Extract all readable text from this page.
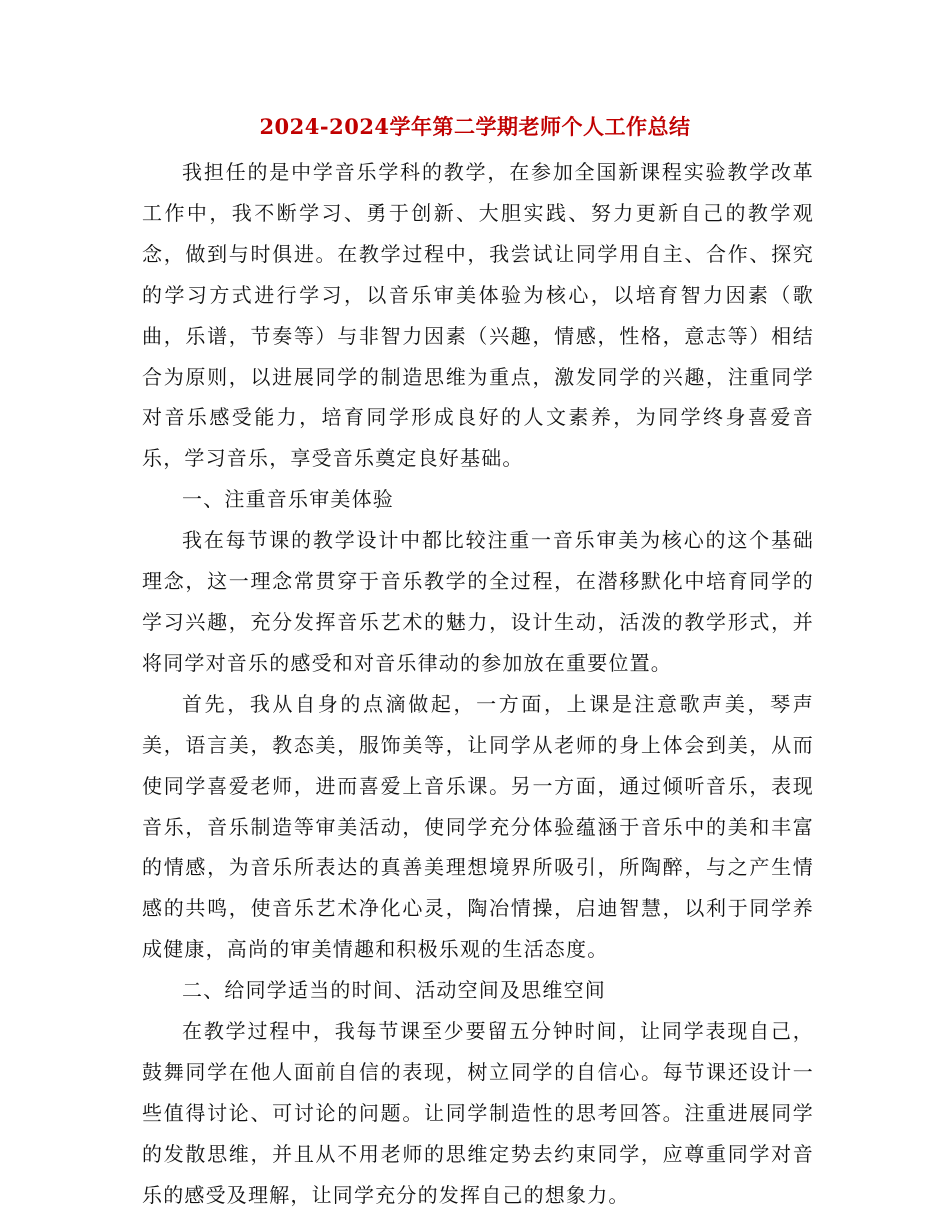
2024-2024学年第二学期老师个人工作总结

我担任的是中学音乐学科的教学，在参加全国新课程实验教学改革工作中，我不断学习、勇于创新、大胆实践、努力更新自己的教学观念，做到与时俱进。在教学过程中，我尝试让同学用自主、合作、探究的学习方式进行学习，以音乐审美体验为核心，以培育智力因素（歌曲，乐谱，节奏等）与非智力因素（兴趣，情感，性格，意志等）相结合为原则，以进展同学的制造思维为重点，激发同学的兴趣，注重同学对音乐感受能力，培育同学形成良好的人文素养，为同学终身喜爱音乐，学习音乐，享受音乐奠定良好基础。

一、注重音乐审美体验

我在每节课的教学设计中都比较注重一音乐审美为核心的这个基础理念，这一理念常贯穿于音乐教学的全过程，在潜移默化中培育同学的学习兴趣，充分发挥音乐艺术的魅力，设计生动，活泼的教学形式，并将同学对音乐的感受和对音乐律动的参加放在重要位置。

首先，我从自身的点滴做起，一方面，上课是注意歌声美，琴声美，语言美，教态美，服饰美等，让同学从老师的身上体会到美，从而使同学喜爱老师，进而喜爱上音乐课。另一方面，通过倾听音乐，表现音乐，音乐制造等审美活动，使同学充分体验蕴涵于音乐中的美和丰富的情感，为音乐所表达的真善美理想境界所吸引，所陶醉，与之产生情感的共鸣，使音乐艺术净化心灵，陶冶情操，启迪智慧，以利于同学养成健康，高尚的审美情趣和积极乐观的生活态度。

二、给同学适当的时间、活动空间及思维空间

在教学过程中，我每节课至少要留五分钟时间，让同学表现自己，鼓舞同学在他人面前自信的表现，树立同学的自信心。每节课还设计一些值得讨论、可讨论的问题。让同学制造性的思考回答。注重进展同学的发散思维，并且从不用老师的思维定势去约束同学，应尊重同学对音乐的感受及理解，让同学充分的发挥自己的想象力。
